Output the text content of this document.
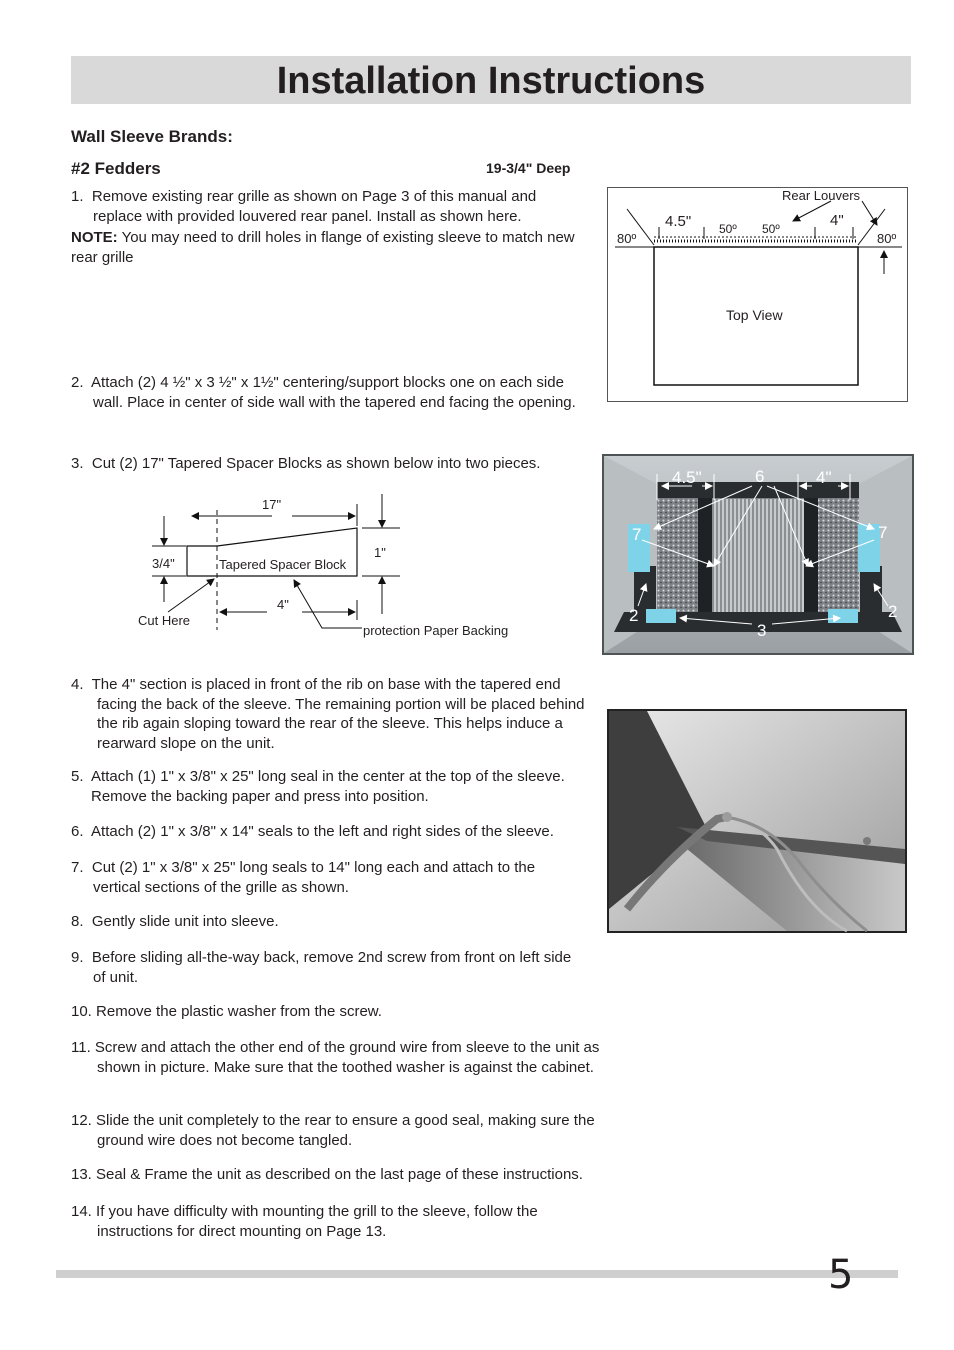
Installation Instructions
Wall Sleeve Brands:
#2 Fedders	19-3/4" Deep
1. Remove existing rear grille as shown on Page 3 of this manual and replace with provided louvered rear panel. Install as shown here.
NOTE: You may need to drill holes in flange of existing sleeve to match new rear grille
Rear Louvers
4.5"	4"
50º 50º
80º	80º
Top View
2. Attach (2) 4 ½" x 3 ½" x 1½" centering/support blocks one on each side wall. Place in center of side wall with the tapered end facing the opening.
3. Cut (2) 17" Tapered Spacer Blocks as shown below into two pieces.
17"
3/4"
1"
Tapered Spacer Block
4"
Cut Here
protection Paper Backing
4.5"	4"
6
7	7
2	2
3
4. The 4" section is placed in front of the rib on base with the tapered end facing the back of the sleeve. The remaining portion will be placed behind the rib again sloping toward the rear of the sleeve. This helps induce a rearward slope on the unit.
5. Attach (1) 1" x 3/8" x 25" long seal in the center at the top of the sleeve. Remove the backing paper and press into position.
6. Attach (2) 1" x 3/8" x 14" seals to the left and right sides of the sleeve.
7. Cut (2) 1" x 3/8" x 25" long seals to 14" long each and attach to the vertical sections of the grille as shown.
8. Gently slide unit into sleeve.
9. Before sliding all-the-way back, remove 2nd screw from front on left side of unit.
10. Remove the plastic washer from the screw.
11. Screw and attach the other end of the ground wire from sleeve to the unit as shown in picture. Make sure that the toothed washer is against the cabinet.
12. Slide the unit completely to the rear to ensure a good seal, making sure the ground wire does not become tangled.
13. Seal & Frame the unit as described on the last page of these instructions.
14. If you have difficulty with mounting the grill to the sleeve, follow the instructions for direct mounting on Page 13.
5
